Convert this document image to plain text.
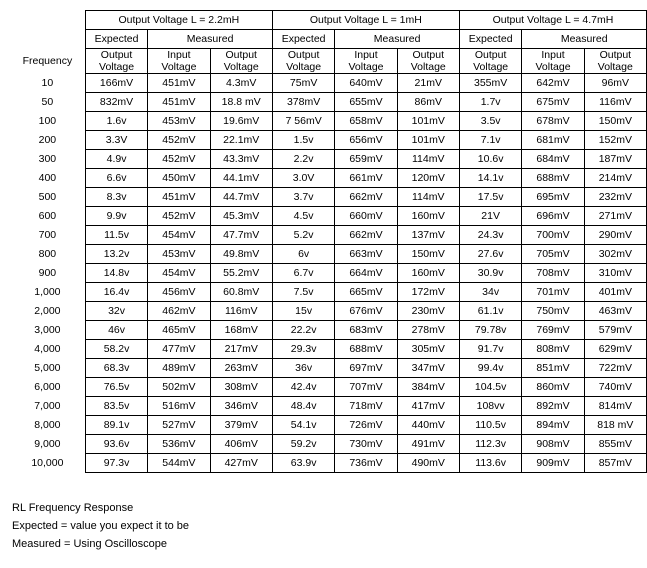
	Output Voltage L = 2.2mH			Output Voltage L = 1mH			Output Voltage L = 4.7mH		
	Expected	Measured		Expected	Measured		Expected	Measured	
Frequency	Output Voltage	Input Voltage	Output Voltage	Output Voltage	Input Voltage	Output Voltage	Output Voltage	Input Voltage	Output Voltage
10	166mV	451mV	4.3mV	75mV	640mV	21mV	355mV	642mV	96mV
50	832mV	451mV	18.8 mV	378mV	655mV	86mV	1.7v	675mV	116mV
100	1.6v	453mV	19.6mV	7 56mV	658mV	101mV	3.5v	678mV	150mV
200	3.3V	452mV	22.1mV	1.5v	656mV	101mV	7.1v	681mV	152mV
300	4.9v	452mV	43.3mV	2.2v	659mV	114mV	10.6v	684mV	187mV
400	6.6v	450mV	44.1mV	3.0V	661mV	120mV	14.1v	688mV	214mV
500	8.3v	451mV	44.7mV	3.7v	662mV	114mV	17.5v	695mV	232mV
600	9.9v	452mV	45.3mV	4.5v	660mV	160mV	21V	696mV	271mV
700	11.5v	454mV	47.7mV	5.2v	662mV	137mV	24.3v	700mV	290mV
800	13.2v	453mV	49.8mV	6v	663mV	150mV	27.6v	705mV	302mV
900	14.8v	454mV	55.2mV	6.7v	664mV	160mV	30.9v	708mV	310mV
1,000	16.4v	456mV	60.8mV	7.5v	665mV	172mV	34v	701mV	401mV
2,000	32v	462mV	116mV	15v	676mV	230mV	61.1v	750mV	463mV
3,000	46v	465mV	168mV	22.2v	683mV	278mV	79.78v	769mV	579mV
4,000	58.2v	477mV	217mV	29.3v	688mV	305mV	91.7v	808mV	629mV
5,000	68.3v	489mV	263mV	36v	697mV	347mV	99.4v	851mV	722mV
6,000	76.5v	502mV	308mV	42.4v	707mV	384mV	104.5v	860mV	740mV
7,000	83.5v	516mV	346mV	48.4v	718mV	417mV	108vv	892mV	814mV
8,000	89.1v	527mV	379mV	54.1v	726mV	440mV	110.5v	894mV	818 mV
9,000	93.6v	536mV	406mV	59.2v	730mV	491mV	112.3v	908mV	855mV
10,000	97.3v	544mV	427mV	63.9v	736mV	490mV	113.6v	909mV	857mV
RL Frequency Response
Expected = value you expect it to be
Measured = Using Oscilloscope
